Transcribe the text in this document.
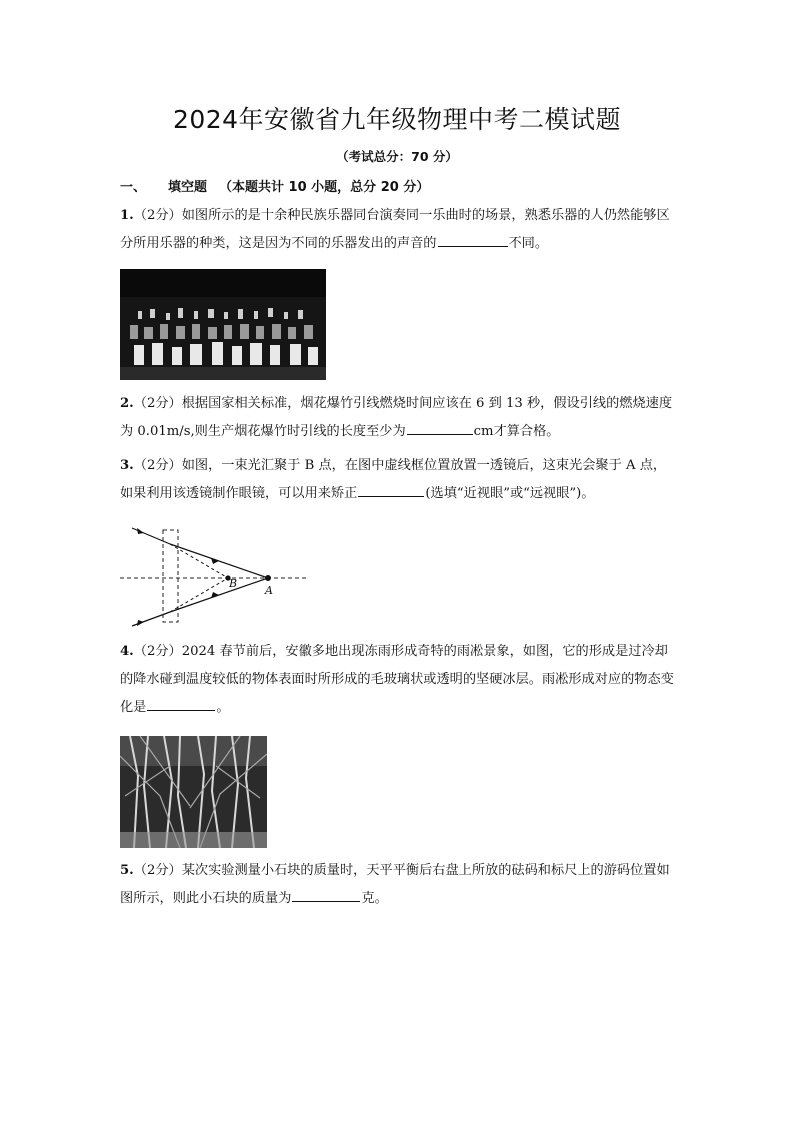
2024年安徽省九年级物理中考二模试题

（考试总分：70 分）

一、 填空题 （本题共计 10 小题，总分 20 分）

1.（2分）如图所示的是十余种民族乐器同台演奏同一乐曲时的场景，熟悉乐器的人仍然能够区分所用乐器的种类，这是因为不同的乐器发出的声音的	不同。

2.（2分）根据国家相关标准，烟花爆竹引线燃烧时间应该在 6 到 13 秒，假设引线的燃烧速度为 0.01m/s,则生产烟花爆竹时引线的长度至少为	cm才算合格。

3.（2分）如图，一束光汇聚于 B 点，在图中虚线框位置放置一透镜后，这束光会聚于 A 点，如果利用该透镜制作眼镜，可以用来矫正	(选填“近视眼”或“远视眼”)。

B
A

4.（2分）2024 春节前后，安徽多地出现冻雨形成奇特的雨凇景象，如图，它的形成是过冷却的降水碰到温度较低的物体表面时所形成的毛玻璃状或透明的坚硬冰层。雨凇形成对应的物态变化是	。

5.（2分）某次实验测量小石块的质量时，天平平衡后右盘上所放的砝码和标尺上的游码位置如图所示，则此小石块的质量为	克。
